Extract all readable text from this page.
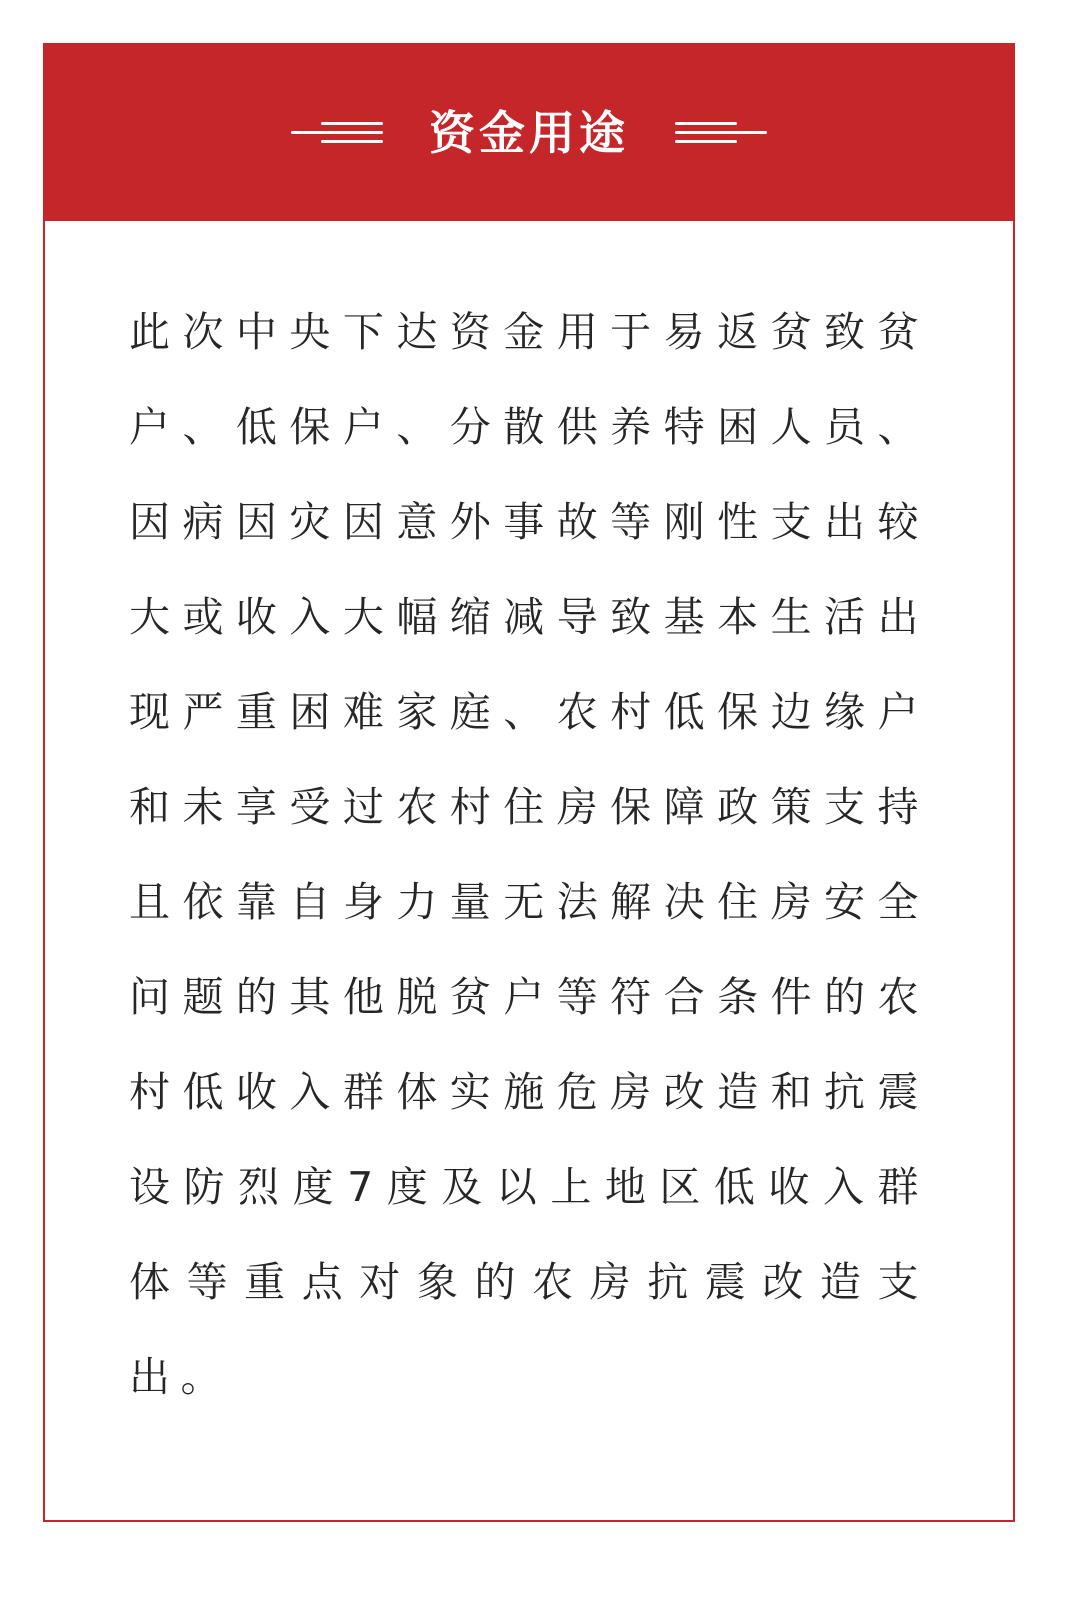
资金用途

此次中央下达资金用于易返贫致贫户、低保户、分散供养特困人员、因病因灾因意外事故等刚性支出较大或收入大幅缩减导致基本生活出现严重困难家庭、农村低保边缘户和未享受过农村住房保障政策支持且依靠自身力量无法解决住房安全问题的其他脱贫户等符合条件的农村低收入群体实施危房改造和抗震设防烈度7度及以上地区低收入群体等重点对象的农房抗震改造支出。
